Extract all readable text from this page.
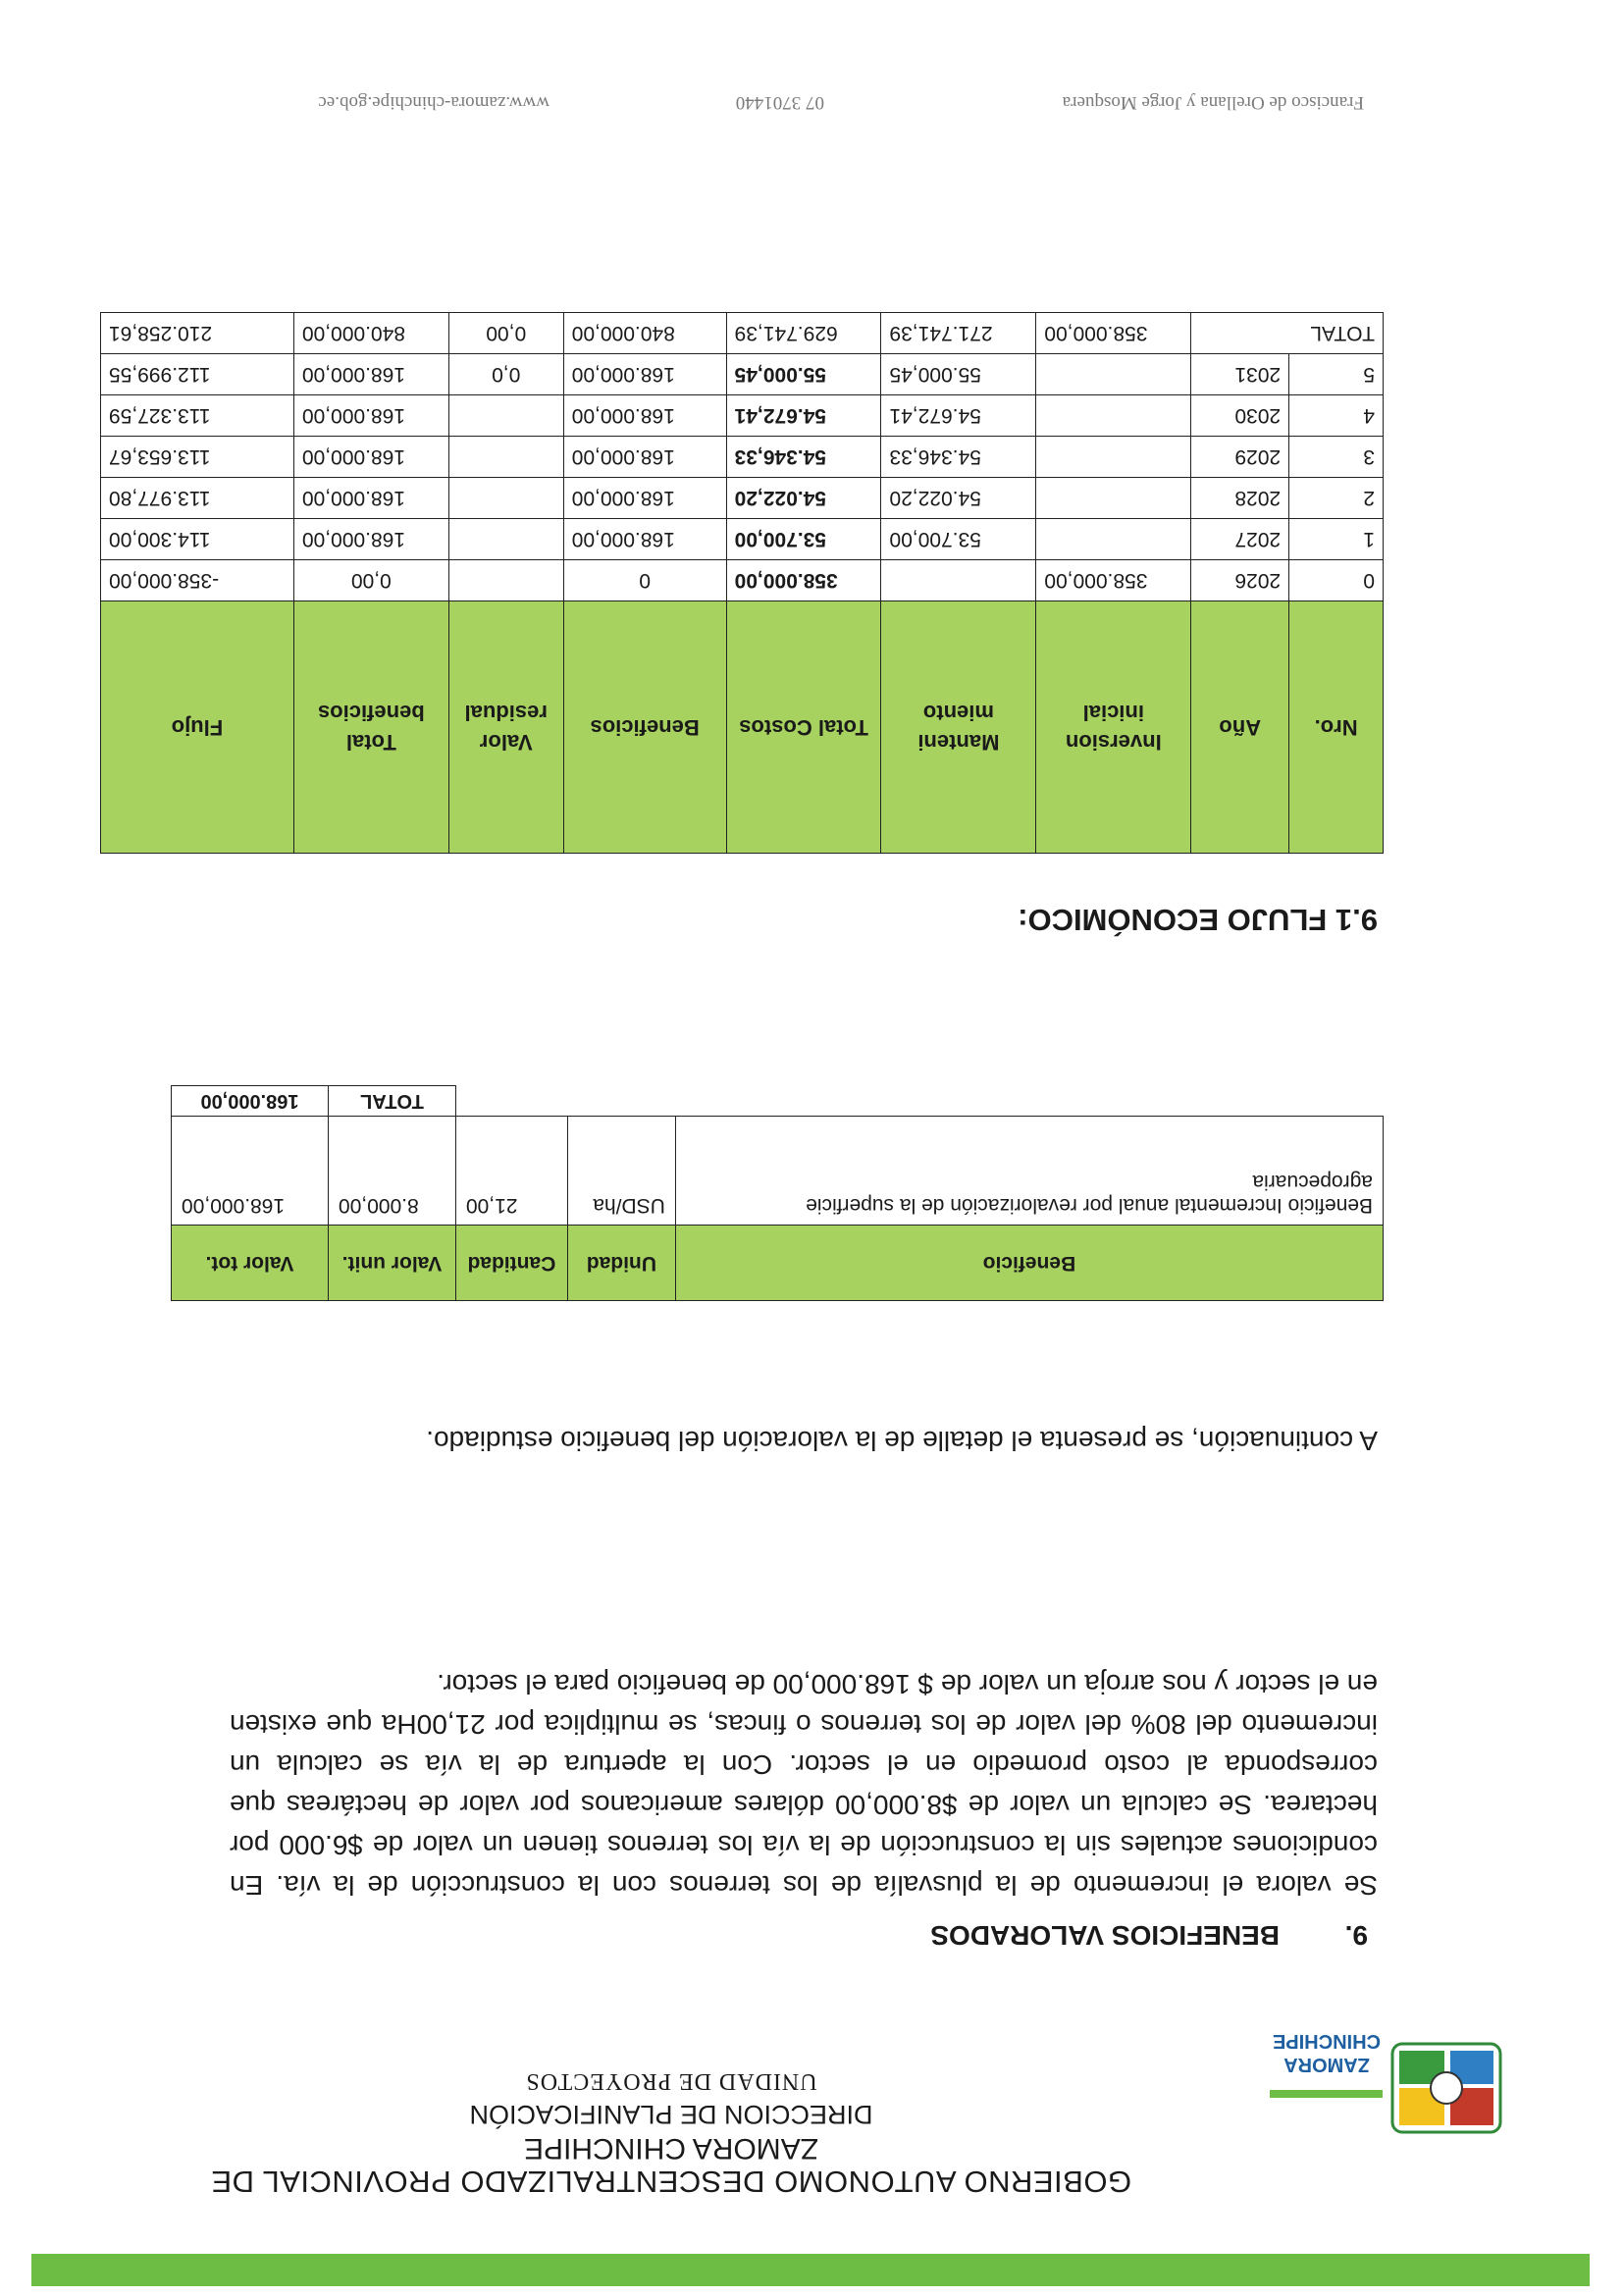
ZAMORA
CHINCHIPE
GOBIERNO AUTONOMO DESCENTRALIZADO PROVINCIAL DE
ZAMORA CHINCHIPE
DIRECCION DE PLANIFICACIÓN
UNIDAD DE PROYECTOS
9.
BENEFICIOS VALORADOS
Se valora el incremento de la plusvalía de los terrenos con la construcción de la vía. En condiciones actuales sin la construcción de la vía los terrenos tienen un valor de $6.000 por hectarea. Se calcula un valor de $8.000,00 dólares americanos por valor de hectáreas que corresponda al costo promedio en el sector. Con la apertura de la vía se calcula un incremento del 80% del valor de los terrenos o fincas, se multiplica por 21,00Ha que existen en el sector y nos arroja un valor de $ 168.000,00 de beneficio para el sector.
A continuación, se presenta el detalle de la valoración del beneficio estudiado.
Beneficio	Unidad	Cantidad	Valor unit.	Valor tot.
Beneficio Incremental anual por revalorización de la superficie agropecuaria	USD/ha	21,00	8.000,00	168.000,00
			TOTAL	168.000,00
9.1 FLUJO ECONÓMICO:
Nro.	Año	Inversion inicial	Manteni miento	Total Costos	Beneficios	Valor residual	Total beneficios	Flujo
0	2026	358.000,00		358.000,00	0		0,00	-358.000,00
1	2027		53.700,00	53.700,00	168.000,00		168.000,00	114.300,00
2	2028		54.022,20	54.022,20	168.000,00		168.000,00	113.977,80
3	2029		54.346,33	54.346,33	168.000,00		168.000,00	113.653,67
4	2030		54.672,41	54.672,41	168.000,00		168.000,00	113.327,59
5	2031		55.000,45	55.000,45	168.000,00	0,0	168.000,00	112.999,55
TOTAL		358.000,00	271.741,39	629.741,39	840.000,00	0,00	840.000,00	210.258,61
Francisco de Orellana y Jorge Mosquera
07 3701440
www.zamora-chinchipe.gob.ec
